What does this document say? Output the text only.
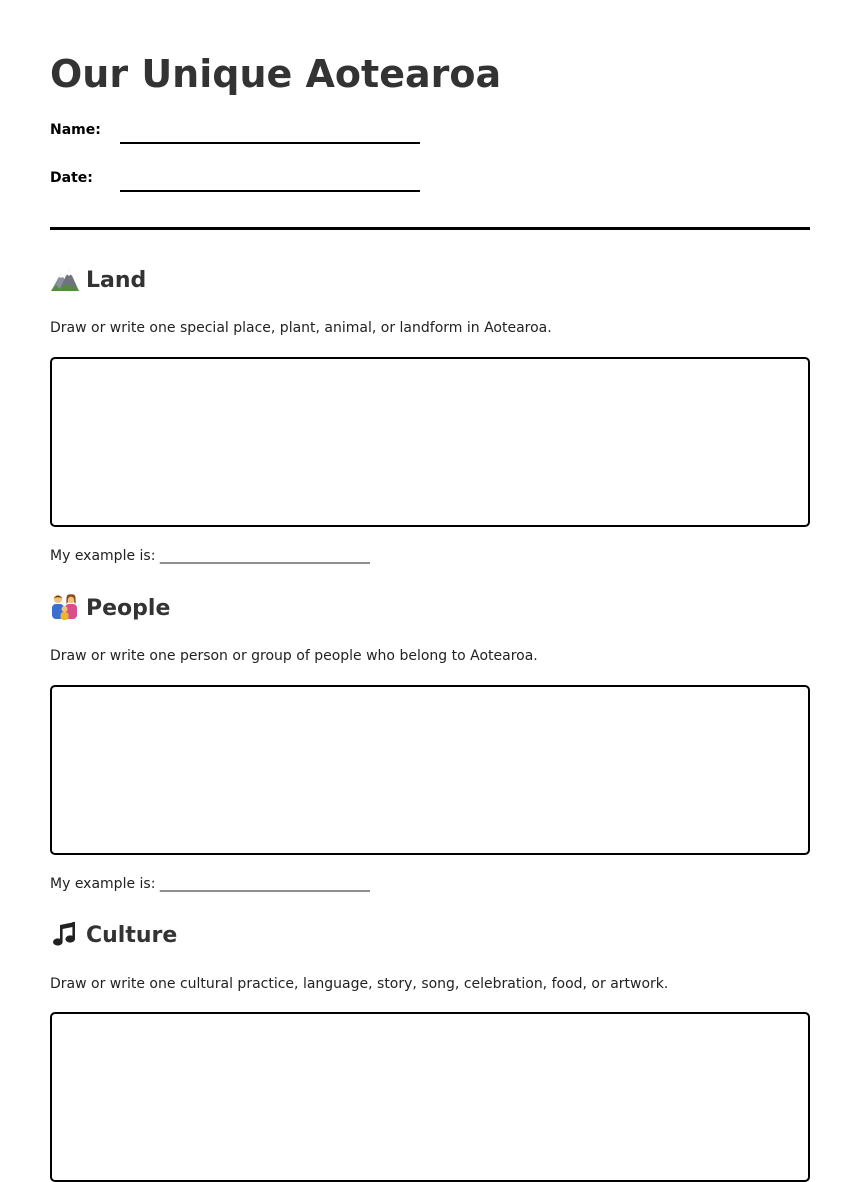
Our Unique Aotearoa
Name:
Date:
Land

Draw or write one special place, plant, animal, or landform in Aotearoa.

My example is: ______________________________

People

Draw or write one person or group of people who belong to Aotearoa.

My example is: ______________________________

Culture

Draw or write one cultural practice, language, story, song, celebration, food, or artwork.
